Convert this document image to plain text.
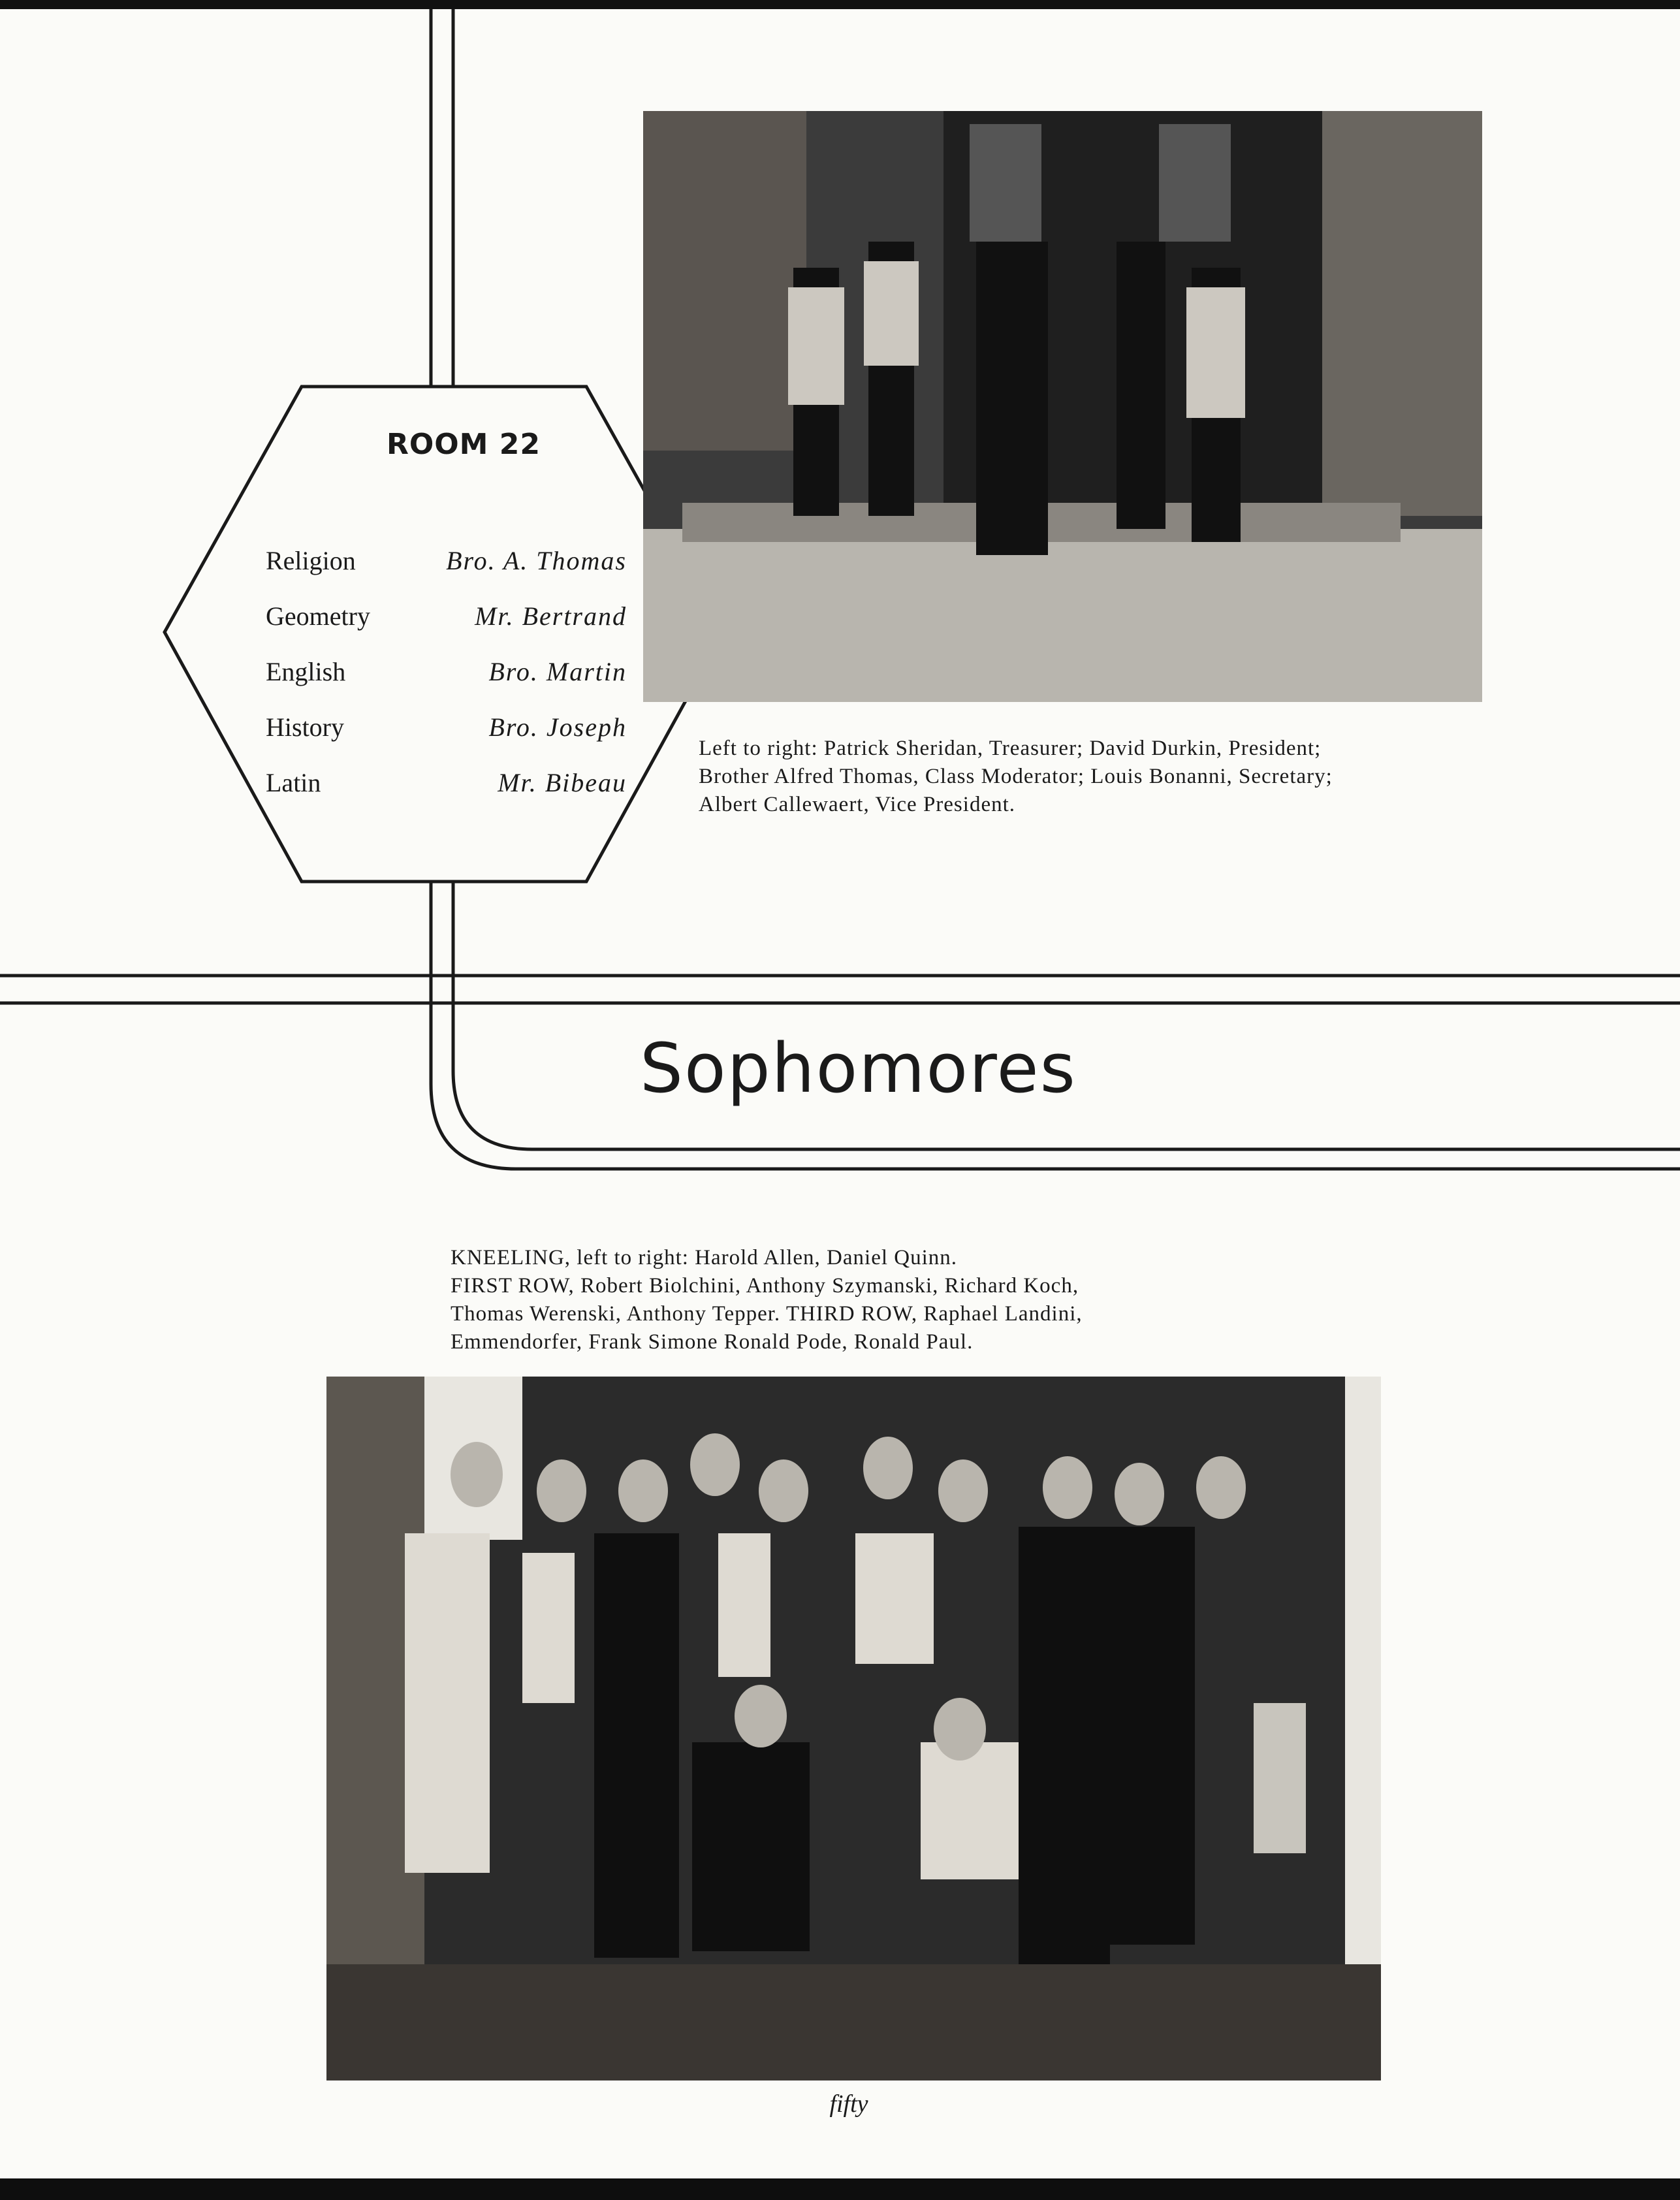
ROOM 22
Religion	Bro. A. Thomas
Geometry	Mr. Bertrand
English	Bro. Martin
History	Bro. Joseph
Latin	Mr. Bibeau
Left to right: Patrick Sheridan, Treasurer; David Durkin, President;
Brother Alfred Thomas, Class Moderator; Louis Bonanni, Secretary;
Albert Callewaert, Vice President.
Sophomores
KNEELING, left to right: Harold Allen, Daniel Quinn.
FIRST ROW, Robert Biolchini, Anthony Szymanski, Richard Koch,
Thomas Werenski, Anthony Tepper. THIRD ROW, Raphael Landini,
Emmendorfer, Frank Simone Ronald Pode, Ronald Paul.
fifty
